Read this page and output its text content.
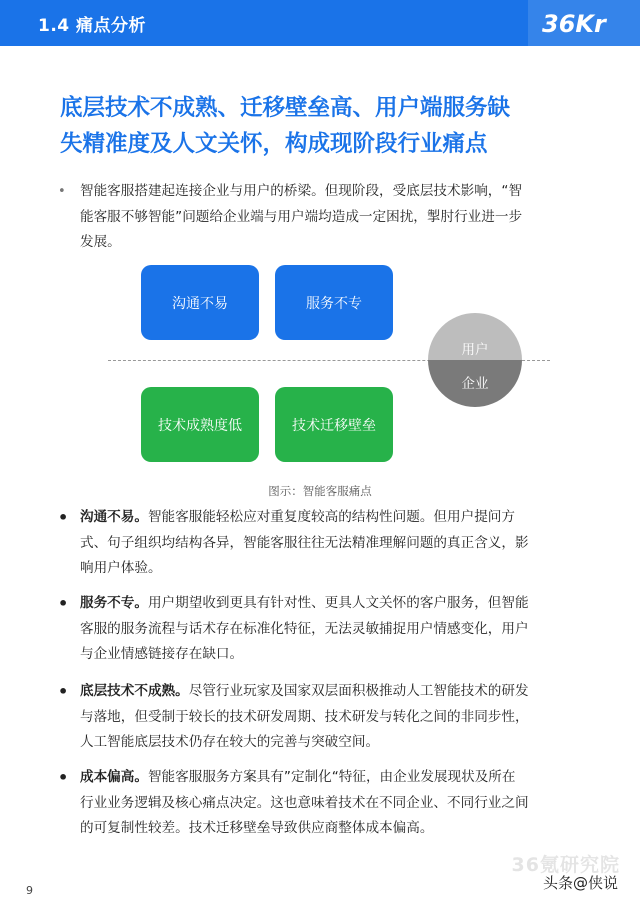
1.4 痛点分析	36Kr
底层技术不成熟、迁移壁垒高、用户端服务缺
失精准度及人文关怀，构成现阶段行业痛点
• 智能客服搭建起连接企业与用户的桥梁。但现阶段，受底层技术影响，“智
能客服不够智能”问题给企业端与用户端均造成一定困扰，掣肘行业进一步
发展。
沟通不易	服务不专
技术成熟度低	技术迁移壁垒
用户
企业
图示：智能客服痛点
• 沟通不易。智能客服能轻松应对重复度较高的结构性问题。但用户提问方
式、句子组织均结构各异，智能客服往往无法精准理解问题的真正含义，影
响用户体验。
• 服务不专。用户期望收到更具有针对性、更具人文关怀的客户服务，但智能
客服的服务流程与话术存在标准化特征，无法灵敏捕捉用户情感变化，用户
与企业情感链接存在缺口。
• 底层技术不成熟。尽管行业玩家及国家双层面积极推动人工智能技术的研发
与落地，但受制于较长的技术研发周期、技术研发与转化之间的非同步性，
人工智能底层技术仍存在较大的完善与突破空间。
• 成本偏高。智能客服服务方案具有”定制化“特征，由企业发展现状及所在
行业业务逻辑及核心痛点决定。这也意味着技术在不同企业、不同行业之间
的可复制性较差。技术迁移壁垒导致供应商整体成本偏高。
9
36氪研究院
头条@侠说
